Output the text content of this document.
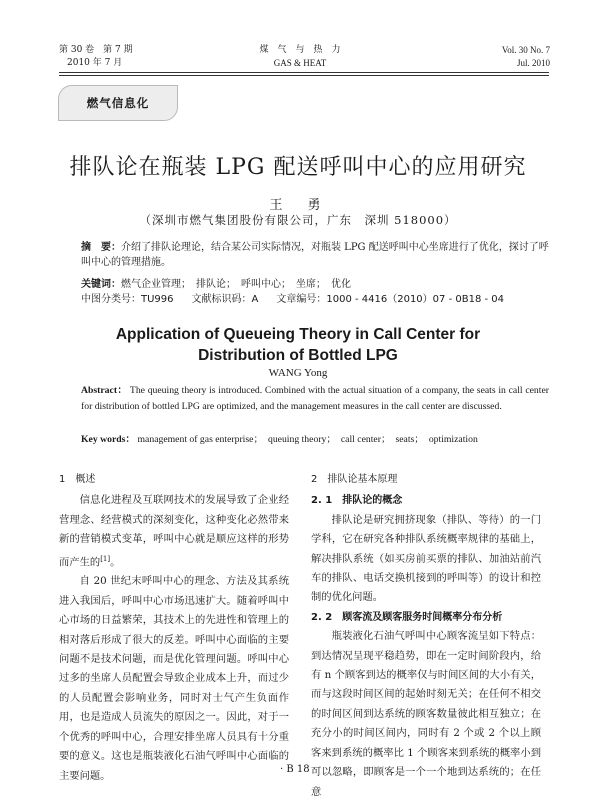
第 30 卷　第 7 期
2010 年 7 月
煤　气　与　热　力
GAS & HEAT
Vol. 30 No. 7
Jul. 2010
燃气信息化
排队论在瓶装 LPG 配送呼叫中心的应用研究
王　勇
（深圳市燃气集团股份有限公司，广东　深圳 518000）
摘　要：介绍了排队论理论，结合某公司实际情况，对瓶装 LPG 配送呼叫中心坐席进行了优化，探讨了呼叫中心的管理措施。
关键词：燃气企业管理；　排队论；　呼叫中心；　坐席；　优化
中图分类号：TU996 文献标识码：A 文章编号：1000 - 4416（2010）07 - 0B18 - 04
Application of Queueing Theory in Call Center for Distribution of Bottled LPG
WANG Yong
Abstract： The queuing theory is introduced. Combined with the actual situation of a company, the seats in call center for distribution of bottled LPG are optimized, and the management measures in the call center are discussed.
Key words： management of gas enterprise；　queuing theory；　call center；　seats；　optimization
1　概述

信息化进程及互联网技术的发展导致了企业经营理念、经营模式的深刻变化，这种变化必然带来新的营销模式变革，呼叫中心就是顺应这样的形势而产生的[1]。

自 20 世纪末呼叫中心的理念、方法及其系统进入我国后，呼叫中心市场迅速扩大。随着呼叫中心市场的日益繁荣，其技术上的先进性和管理上的相对落后形成了很大的反差。呼叫中心面临的主要问题不是技术问题，而是优化管理问题。呼叫中心过多的坐席人员配置会导致企业成本上升，而过少的人员配置会影响业务，同时对士气产生负面作用，也是造成人员流失的原因之一。因此，对于一个优秀的呼叫中心，合理安排坐席人员具有十分重要的意义。这也是瓶装液化石油气呼叫中心面临的主要问题。

2　排队论基本原理
2. 1　排队论的概念

排队论是研究拥挤现象（排队、等待）的一门学科，它在研究各种排队系统概率规律的基础上，解决排队系统（如买房前买票的排队、加油站前汽车的排队、电话交换机接到的呼叫等）的设计和控制的优化问题。

2. 2　顾客流及顾客服务时间概率分布分析

瓶装液化石油气呼叫中心顾客流呈如下特点：到达情况呈现平稳趋势，即在一定时间阶段内，给有 n 个顾客到达的概率仅与时间区间的大小有关，而与这段时间区间的起始时刻无关；在任何不相交的时间区间到达系统的顾客数量彼此相互独立；在充分小的时间区间内，同时有 2 个或 2 个以上顾客来到系统的概率比 1 个顾客来到系统的概率小到可以忽略，即顾客是一个一个地到达系统的；在任意

· B 18 ·
